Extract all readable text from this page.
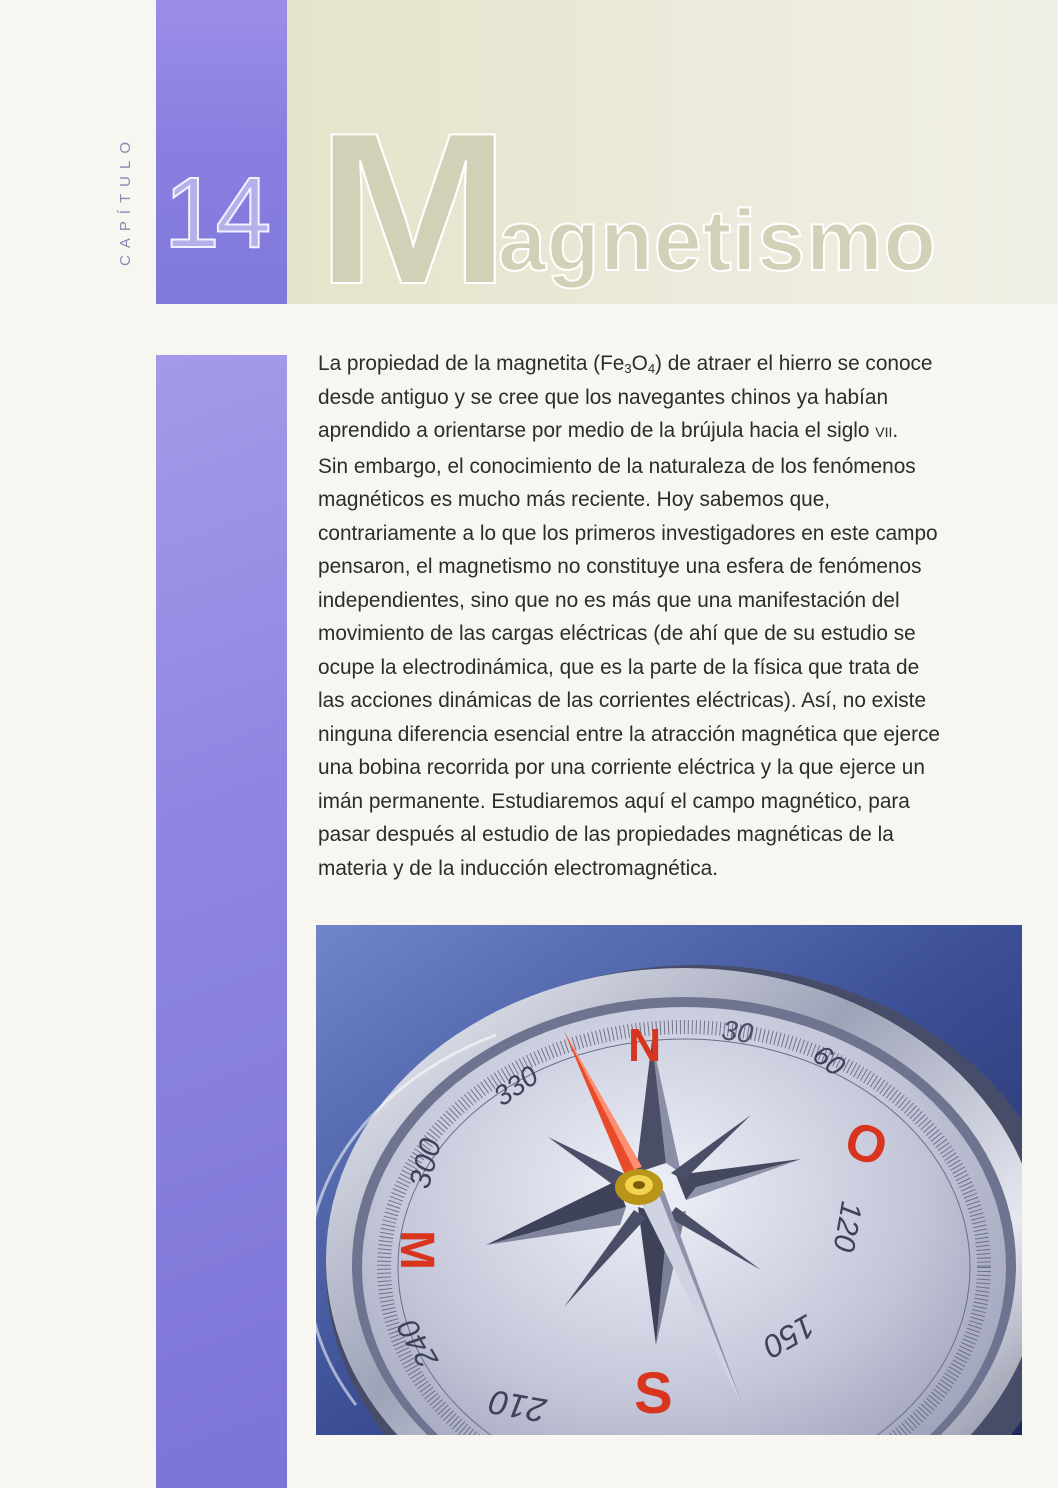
CAPÍTULO 14 M
agnetismo
La propiedad de la magnetita $(Fe_3O_4)$ de atraer el hierro se conoce
desde antiguo y se cree que los navegantes chinos ya habían
aprendido a orientarse por medio de la brújula hacia el siglo VII.
Sin embargo, el conocimiento de la naturaleza de los fenómenos
magnéticos es mucho más reciente. Hoy sabemos que,
contrariamente a lo que los primeros investigadores en este campo
pensaron, el magnetismo no constituye una esfera de fenómenos
independientes, sino que no es más que una manifestación del
movimiento de las cargas eléctricas (de ahí que de su estudio se
ocupe la electrodinámica, que es la parte de la física que trata de
las acciones dinámicas de las corrientes eléctricas). Así, no existe
ninguna diferencia esencial entre la atracción magnética que ejerce
una bobina recorrida por una corriente eléctrica y la que ejerce un
imán permanente. Estudiaremos aquí el campo magnético, para
pasar después al estudio de las propiedades magnéticas de la
materia y de la inducción electromagnética.
N
O
S
M
30
60
120
150
210
240
300
330
